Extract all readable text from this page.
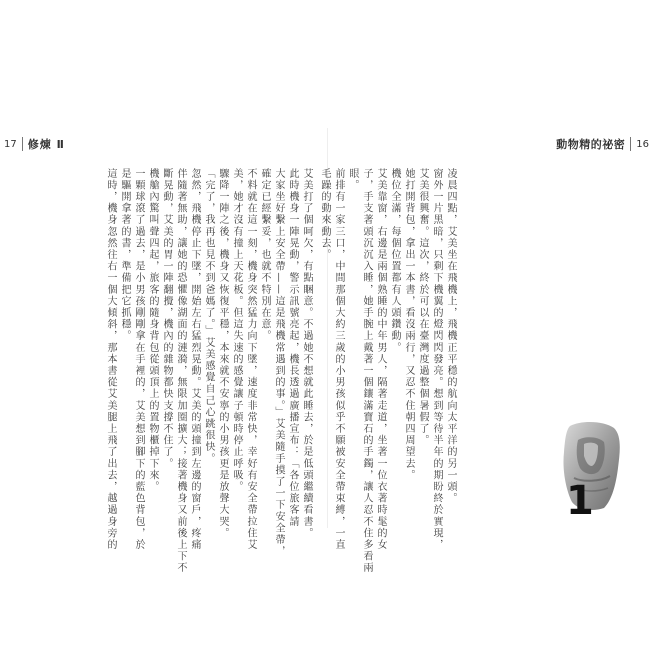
17 修煉 Ⅱ	動物精的祕密 16

凌晨四點，艾美坐在飛機上，飛機正平穩的航向太平洋的另一頭。

窗外一片黑暗，只剩下機翼的燈閃閃發亮。想到等待半年的期盼終於實現，

艾美很興奮。這次，終於可以在臺灣度過整個暑假了。

她打開背包，拿出一本書，看沒兩行，又忍不住朝四周望去。

機位全滿，每個位置都有人頭鑽動。

艾美靠窗，右邊是兩個熟睡的中年男人，隔著走道，坐著一位衣著時髦的女

子，手支著頭沉沉入睡，她手腕上戴著一個鑲滿寶石的手鐲，讓人忍不住多看兩

眼。

前排有一家三口，中間那個大約三歲的小男孩似乎不願被安全帶束縛，一直

毛躁的動來動去。

艾美打了個呵欠，有點睏意。不過她不想就此睡去，於是低頭繼續看書。

此時機身一陣晃動，警示訊號亮起，機長透過廣播宣布：「各位旅客請

大家坐好繫上安全帶——這是飛機常遇到的事。」艾美隨手摸了一下安全帶，

確定已經繫妥，也就不特別在意。

不料就在這一刻，機身突然猛力向下墜，速度非常快，幸好有安全帶拉住艾

美，她才沒有撞上天花板。但這失速的感覺讓子頓時停止呼吸。

驟降一陣之後，機身又恢復平穩，本來就不安寧的小男孩更是放聲大哭。

「完了，我再也見不到爸媽了。」艾美感覺自己心跳很快。

忽然，飛機停止下墜，開始左右猛烈晃動。艾美的頭撞到左邊的窗戶，疼痛

伴隨著無助，讓她的恐懼像湖面的漣漪，無限加圈擴大；接著機身又前後上下不

斷晃動，艾美的胃一陣翻攪，機內的雜物都快支撐不住了。

機艙內驚叫聲四起，旅客的隨身背包從頭頂上的置物櫃掉下來。

一顆球滾了過去，是小男孩剛剛拿在手裡的，艾美想到腳下的藍色背包，於

是驅開拿著的書，準備把它抓穩。

這時，機身忽然往右一個大傾斜，那本書從艾美腿上飛了出去，越過身旁的	1
